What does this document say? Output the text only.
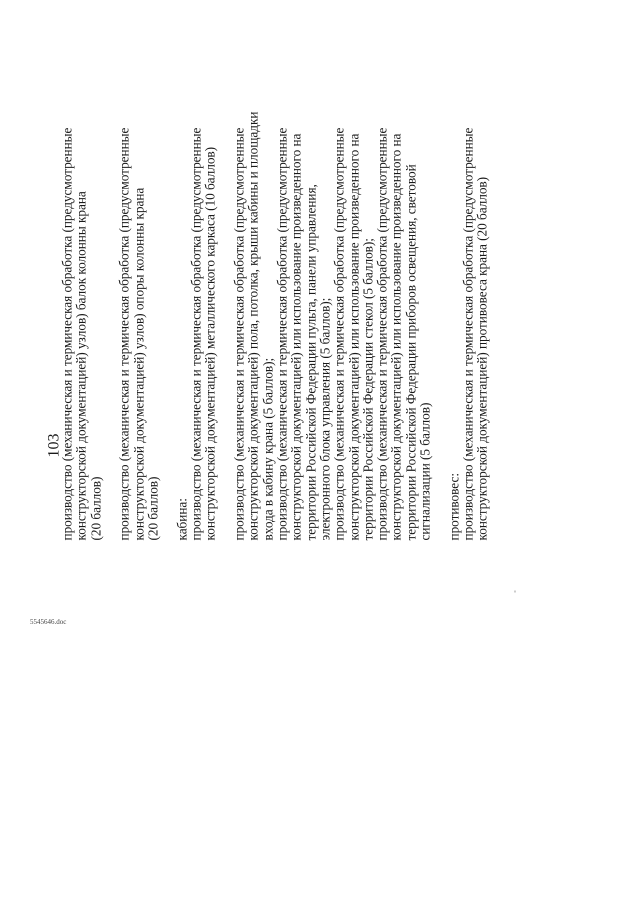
103
производство (механическая и термическая обработка (предусмотренные конструкторской документацией) узлов) балок колонны крана (20 баллов) производство (механическая и термическая обработка (предусмотренные конструкторской документацией) узлов) опоры колонны крана (20 баллов) кабина: производство (механическая и термическая обработка (предусмотренные конструкторской документацией) металлического каркаса (10 баллов) производство (механическая и термическая обработка (предусмотренные конструкторской документацией) пола, потолка, крыши кабины и площадки входа в кабину крана (5 баллов); производство (механическая и термическая обработка (предусмотренные конструкторской документацией) или использование произведенного на территории Российской Федерации пульта, панели управления, электронного блока управления (5 баллов); производство (механическая и термическая обработка (предусмотренные конструкторской документацией) или использование произведенного на территории Российской Федерации стекол (5 баллов); производство (механическая и термическая обработка (предусмотренные конструкторской документацией) или использование произведенного на территории Российской Федерации приборов освещения, световой сигнализации (5 баллов) противовес: производство (механическая и термическая обработка (предусмотренные конструкторской документацией) противовеса крана (20 баллов)
5545646.doc
